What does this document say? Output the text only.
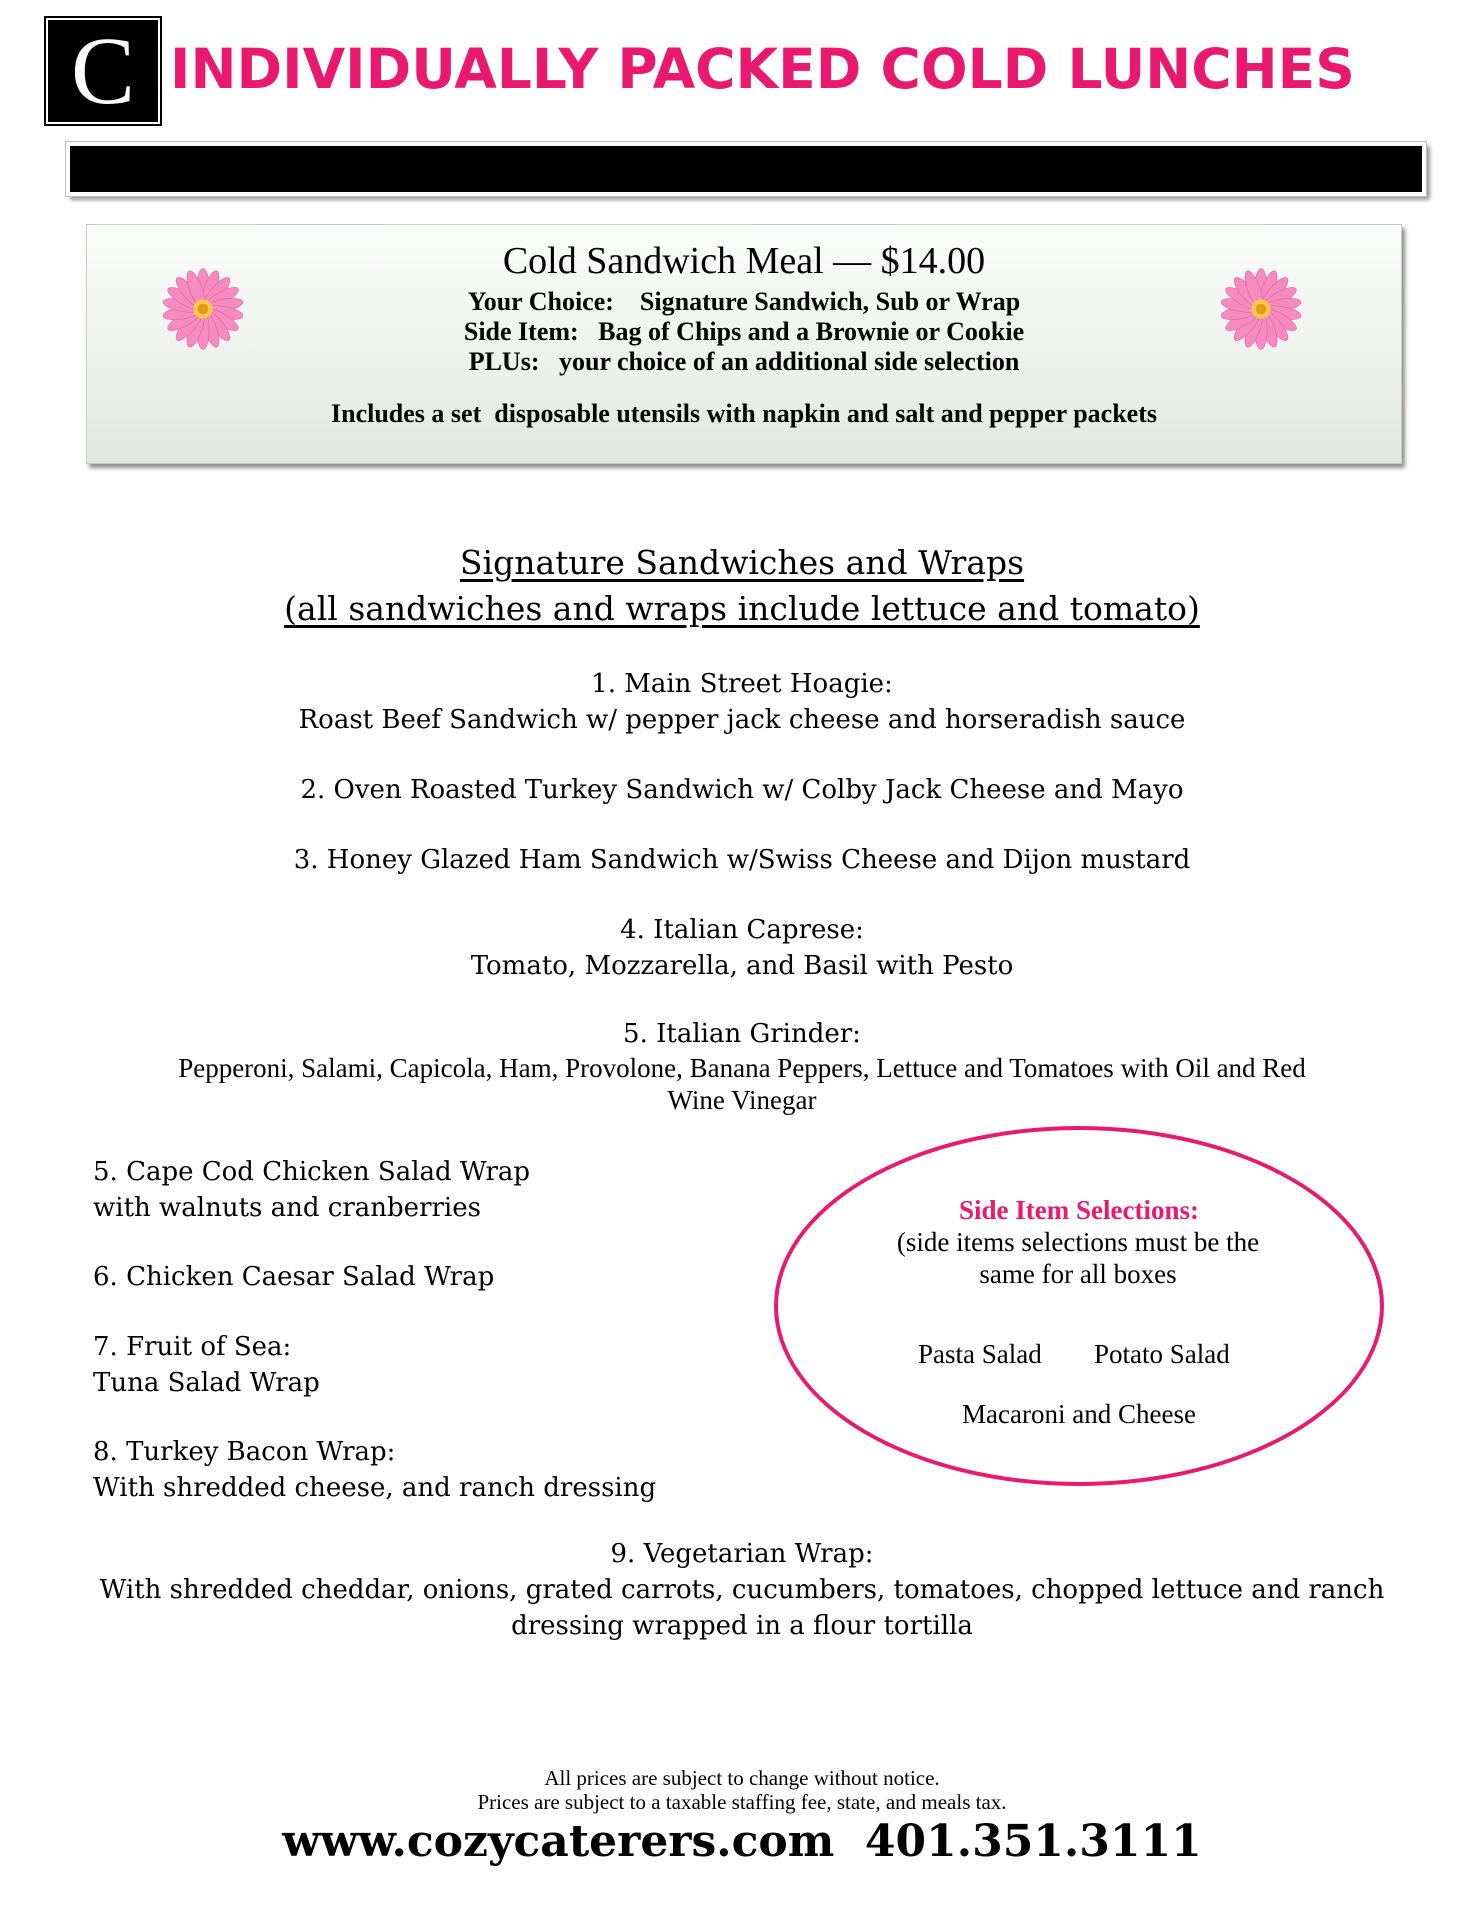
C INDIVIDUALLY PACKED COLD LUNCHES
Cold Sandwich Meal — $14.00
Your Choice:    Signature Sandwich, Sub or Wrap
Side Item:   Bag of Chips and a Brownie or Cookie
PLUs:   your choice of an additional side selection
Includes a set  disposable utensils with napkin and salt and pepper packets
Signature Sandwiches and Wraps
(all sandwiches and wraps include lettuce and tomato)
1. Main Street Hoagie:
Roast Beef Sandwich w/ pepper jack cheese and horseradish sauce
2. Oven Roasted Turkey Sandwich w/ Colby Jack Cheese and Mayo
3. Honey Glazed Ham Sandwich w/Swiss Cheese and Dijon mustard
4. Italian Caprese:
Tomato, Mozzarella, and Basil with Pesto
5. Italian Grinder:
Pepperoni, Salami, Capicola, Ham, Provolone, Banana Peppers, Lettuce and Tomatoes with Oil and Red
Wine Vinegar
5. Cape Cod Chicken Salad Wrap
with walnuts and cranberries
6. Chicken Caesar Salad Wrap
7. Fruit of Sea:
Tuna Salad Wrap
8. Turkey Bacon Wrap:
With shredded cheese, and ranch dressing
Side Item Selections:
(side items selections must be the
same for all boxes
Pasta Salad Potato Salad
Macaroni and Cheese
9. Vegetarian Wrap:
With shredded cheddar, onions, grated carrots, cucumbers, tomatoes, chopped lettuce and ranch
dressing wrapped in a flour tortilla
All prices are subject to change without notice.
Prices are subject to a taxable staffing fee, state, and meals tax.
www.cozycaterers.com  401.351.3111
